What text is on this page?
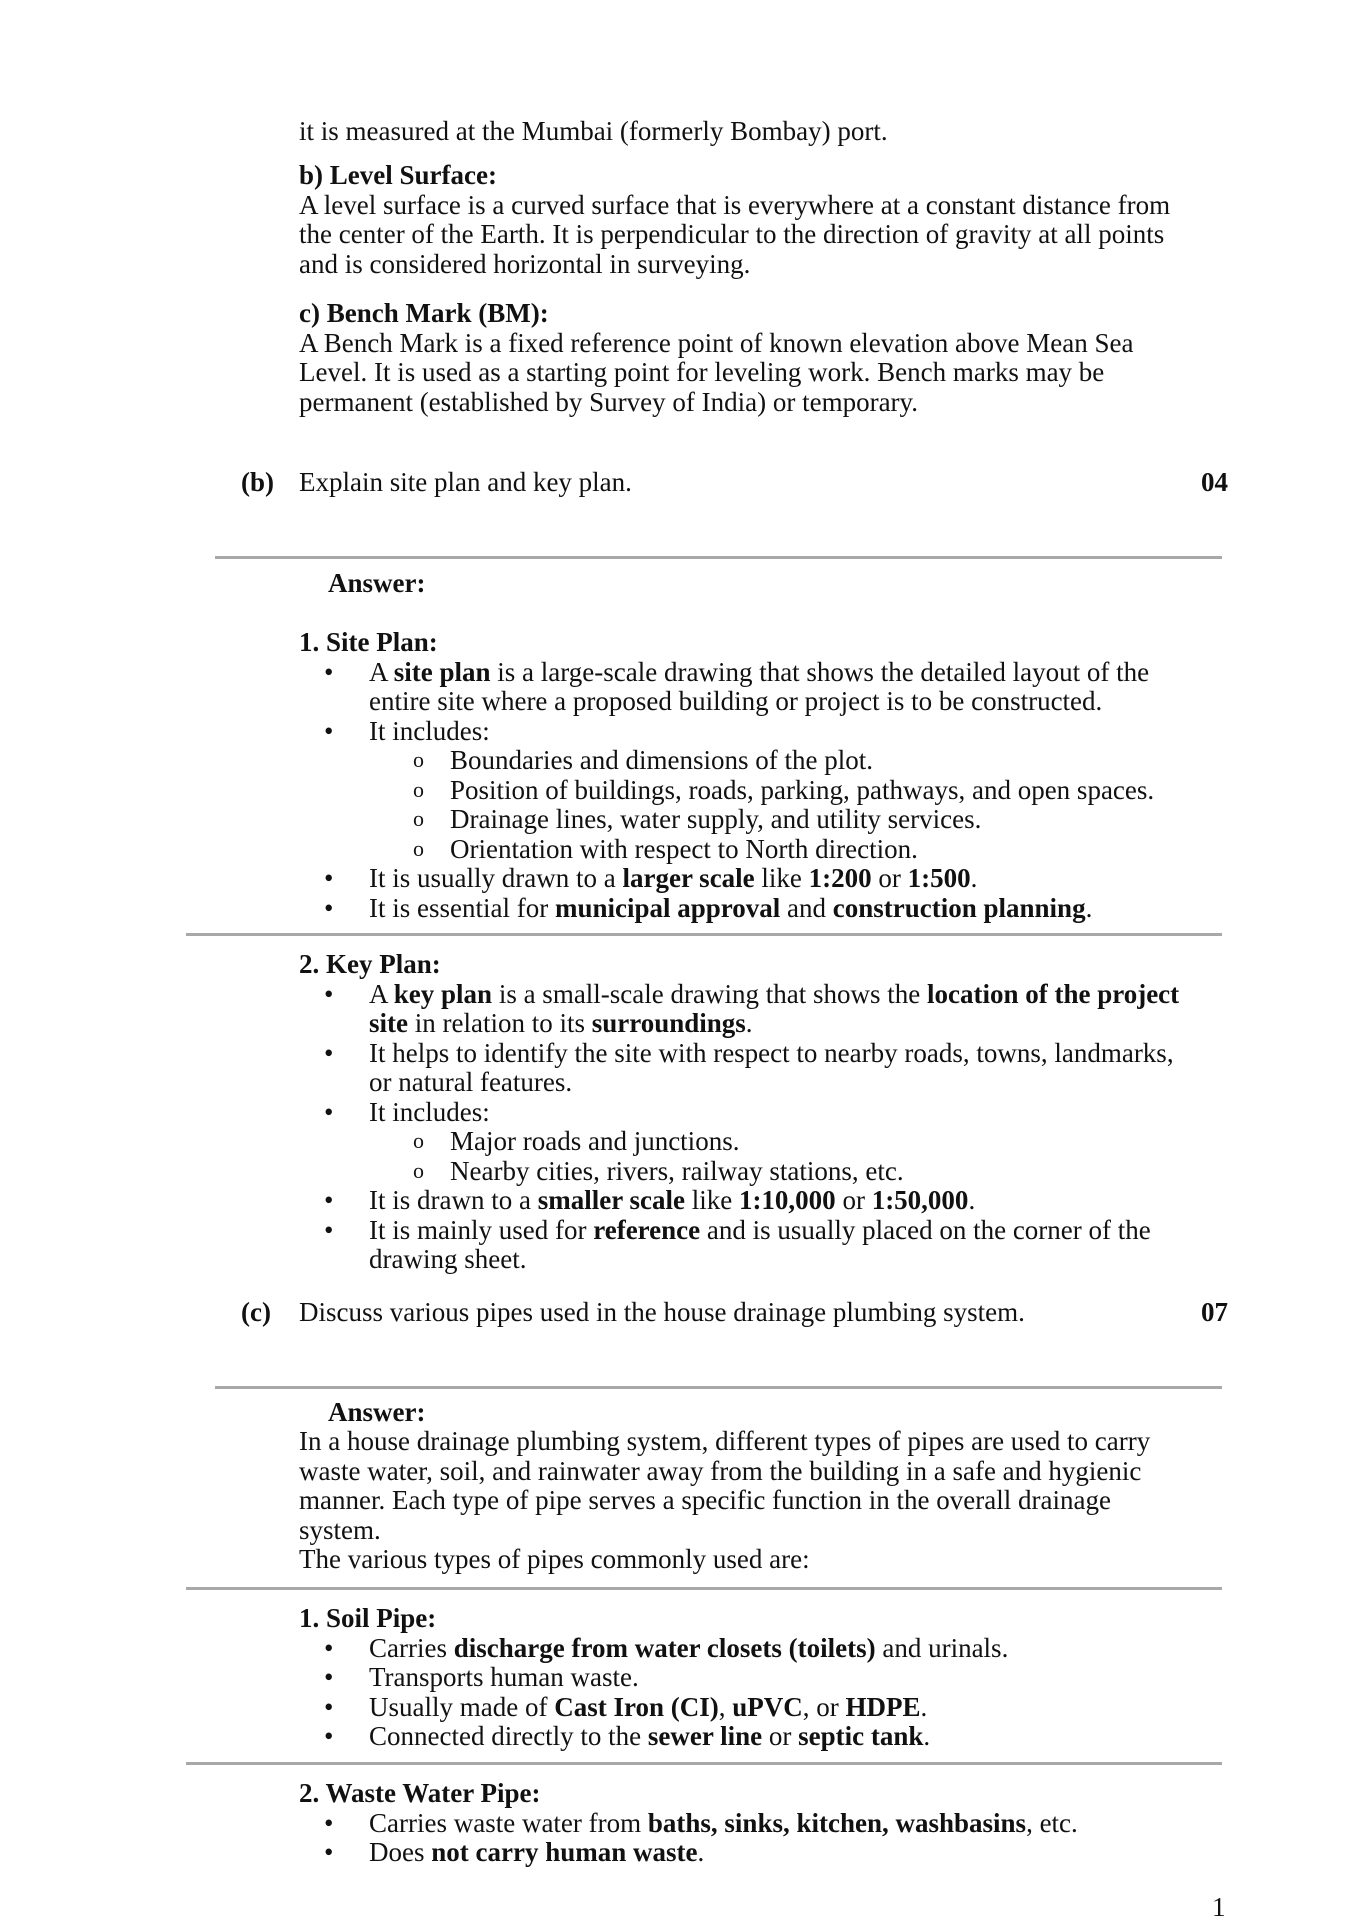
it is measured at the Mumbai (formerly Bombay) port.
b) Level Surface:
A level surface is a curved surface that is everywhere at a constant distance from the center of the Earth. It is perpendicular to the direction of gravity at all points and is considered horizontal in surveying.
c) Bench Mark (BM):
A Bench Mark is a fixed reference point of known elevation above Mean Sea Level. It is used as a starting point for leveling work. Bench marks may be permanent (established by Survey of India) or temporary.
(b) Explain site plan and key plan.	04
Answer:
1. Site Plan:
• A site plan is a large-scale drawing that shows the detailed layout of the entire site where a proposed building or project is to be constructed.
• It includes:
o Boundaries and dimensions of the plot.
o Position of buildings, roads, parking, pathways, and open spaces.
o Drainage lines, water supply, and utility services.
o Orientation with respect to North direction.
• It is usually drawn to a larger scale like 1:200 or 1:500.
• It is essential for municipal approval and construction planning.
2. Key Plan:
• A key plan is a small-scale drawing that shows the location of the project site in relation to its surroundings.
• It helps to identify the site with respect to nearby roads, towns, landmarks, or natural features.
• It includes:
o Major roads and junctions.
o Nearby cities, rivers, railway stations, etc.
• It is drawn to a smaller scale like 1:10,000 or 1:50,000.
• It is mainly used for reference and is usually placed on the corner of the drawing sheet.
(c) Discuss various pipes used in the house drainage plumbing system.	07
Answer:
In a house drainage plumbing system, different types of pipes are used to carry waste water, soil, and rainwater away from the building in a safe and hygienic manner. Each type of pipe serves a specific function in the overall drainage system.
The various types of pipes commonly used are:
1. Soil Pipe:
• Carries discharge from water closets (toilets) and urinals.
• Transports human waste.
• Usually made of Cast Iron (CI), uPVC, or HDPE.
• Connected directly to the sewer line or septic tank.
2. Waste Water Pipe:
• Carries waste water from baths, sinks, kitchen, washbasins, etc.
• Does not carry human waste.
1
